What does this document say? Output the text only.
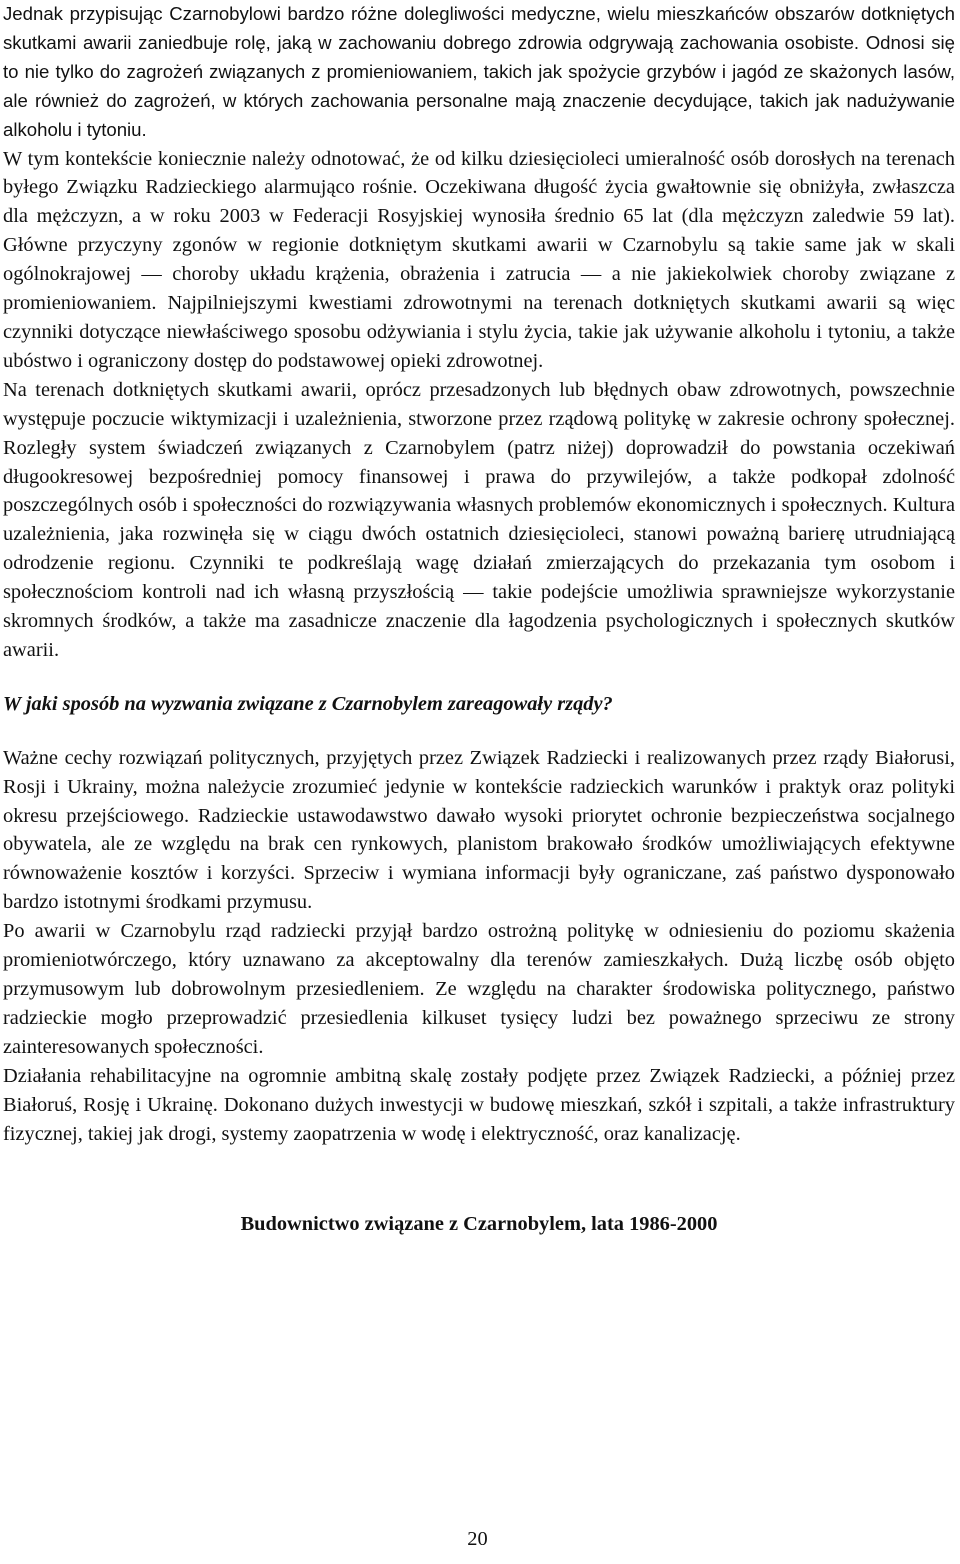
Jednak przypisując Czarnobylowi bardzo różne dolegliwości medyczne, wielu mieszkańców obszarów dotkniętych skutkami awarii zaniedbuje rolę, jaką w zachowaniu dobrego zdrowia odgrywają zachowania osobiste. Odnosi się to nie tylko do zagrożeń związanych z promieniowaniem, takich jak spożycie grzybów i jagód ze skażonych lasów, ale również do zagrożeń, w których zachowania personalne mają znaczenie decydujące, takich jak nadużywanie alkoholu i tytoniu.

W tym kontekście koniecznie należy odnotować, że od kilku dziesięcioleci umieralność osób dorosłych na terenach byłego Związku Radzieckiego alarmująco rośnie. Oczekiwana długość życia gwałtownie się obniżyła, zwłaszcza dla mężczyzn, a w roku 2003 w Federacji Rosyjskiej wynosiła średnio 65 lat (dla mężczyzn zaledwie 59 lat). Główne przyczyny zgonów w regionie dotkniętym skutkami awarii w Czarnobylu są takie same jak w skali ogólnokrajowej — choroby układu krążenia, obrażenia i zatrucia — a nie jakiekolwiek choroby związane z promieniowaniem. Najpilniejszymi kwestiami zdrowotnymi na terenach dotkniętych skutkami awarii są więc czynniki dotyczące niewłaściwego sposobu odżywiania i stylu życia, takie jak używanie alkoholu i tytoniu, a także ubóstwo i ograniczony dostęp do podstawowej opieki zdrowotnej.

Na terenach dotkniętych skutkami awarii, oprócz przesadzonych lub błędnych obaw zdrowotnych, powszechnie występuje poczucie wiktymizacji i uzależnienia, stworzone przez rządową politykę w zakresie ochrony społecznej. Rozległy system świadczeń związanych z Czarnobylem (patrz niżej) doprowadził do powstania oczekiwań długookresowej bezpośredniej pomocy finansowej i prawa do przywilejów, a także podkopał zdolność poszczególnych osób i społeczności do rozwiązywania własnych problemów ekonomicznych i społecznych. Kultura uzależnienia, jaka rozwinęła się w ciągu dwóch ostatnich dziesięcioleci, stanowi poważną barierę utrudniającą odrodzenie regionu. Czynniki te podkreślają wagę działań zmierzających do przekazania tym osobom i społecznościom kontroli nad ich własną przyszłością — takie podejście umożliwia sprawniejsze wykorzystanie skromnych środków, a także ma zasadnicze znaczenie dla łagodzenia psychologicznych i społecznych skutków awarii.

W jaki sposób na wyzwania związane z Czarnobylem zareagowały rządy?

Ważne cechy rozwiązań politycznych, przyjętych przez Związek Radziecki i realizowanych przez rządy Białorusi, Rosji i Ukrainy, można należycie zrozumieć jedynie w kontekście radzieckich warunków i praktyk oraz polityki okresu przejściowego. Radzieckie ustawodawstwo dawało wysoki priorytet ochronie bezpieczeństwa socjalnego obywatela, ale ze względu na brak cen rynkowych, planistom brakowało środków umożliwiających efektywne równoważenie kosztów i korzyści. Sprzeciw i wymiana informacji były ograniczane, zaś państwo dysponowało bardzo istotnymi środkami przymusu.

Po awarii w Czarnobylu rząd radziecki przyjął bardzo ostrożną politykę w odniesieniu do poziomu skażenia promieniotwórczego, który uznawano za akceptowalny dla terenów zamieszkałych. Dużą liczbę osób objęto przymusowym lub dobrowolnym przesiedleniem. Ze względu na charakter środowiska politycznego, państwo radzieckie mogło przeprowadzić przesiedlenia kilkuset tysięcy ludzi bez poważnego sprzeciwu ze strony zainteresowanych społeczności.

Działania rehabilitacyjne na ogromnie ambitną skalę zostały podjęte przez Związek Radziecki, a później przez Białoruś, Rosję i Ukrainę. Dokonano dużych inwestycji w budowę mieszkań, szkół i szpitali, a także infrastruktury fizycznej, takiej jak drogi, systemy zaopatrzenia w wodę i elektryczność, oraz kanalizację.

Budownictwo związane z Czarnobylem, lata 1986-2000

20
